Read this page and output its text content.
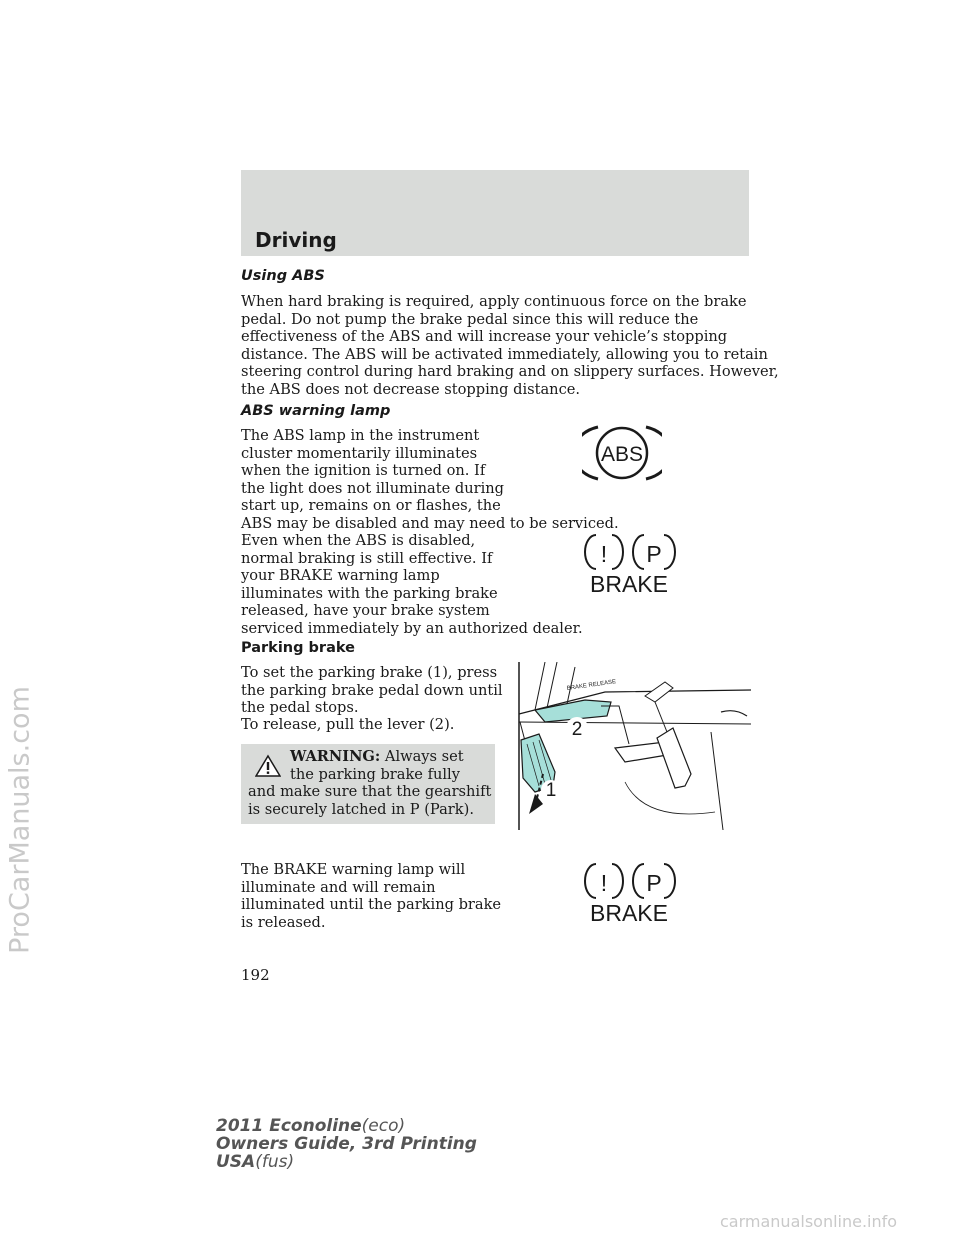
Driving
Using ABS

When hard braking is required, apply continuous force on the brake
pedal. Do not pump the brake pedal since this will reduce the
effectiveness of the ABS and will increase your vehicle’s stopping
distance. The ABS will be activated immediately, allowing you to retain
steering control during hard braking and on slippery surfaces. However,
the ABS does not decrease stopping distance.

ABS warning lamp

The ABS lamp in the instrument
cluster momentarily illuminates
when the ignition is turned on. If
the light does not illuminate during
start up, remains on or flashes, the
ABS may be disabled and may need to be serviced.

ABS

Even when the ABS is disabled,
normal braking is still effective. If
your BRAKE warning lamp
illuminates with the parking brake
released, have your brake system
serviced immediately by an authorized dealer.

! P
BRAKE
Parking brake

To set the parking brake (1), press
the parking brake pedal down until
the pedal stops.

To release, pull the lever (2).

WARNING: Always set the parking brake fully and make sure that the gearshift is securely latched in P (Park).

BRAKE RELEASE
2
1

The BRAKE warning lamp will
illuminate and will remain
illuminated until the parking brake
is released.

! P
BRAKE
192
2011 Econoline(eco)
Owners Guide, 3rd Printing
USA(fus)
ProCarManuals.com
carmanualsonline.info
